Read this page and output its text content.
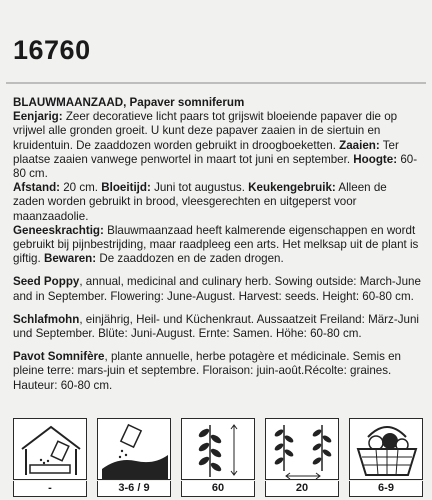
16760

BLAUWMAANZAAD, Papaver somniferum
Eenjarig: Zeer decoratieve licht paars tot grijswit bloeiende papaver die op vrijwel alle gronden groeit. U kunt deze papaver zaaien in de siertuin en kruidentuin. De zaaddozen worden gebruikt in droogboeketten. Zaaien: Ter plaatse zaaien vanwege penwortel in maart tot juni en september. Hoogte: 60-80 cm.
Afstand: 20 cm. Bloeitijd: Juni tot augustus. Keukengebruik: Alleen de zaden worden gebruikt in brood, vleesgerechten en uitgeperst voor maanzaadolie.
Geneeskrachtig: Blauwmaanzaad heeft kalmerende eigenschappen en wordt gebruikt bij pijnbestrijding, maar raadpleeg een arts. Het melksap uit de plant is giftig. Bewaren: De zaaddozen en de zaden drogen.

Seed Poppy, annual, medicinal and culinary herb. Sowing outside: March-June and in September. Flowering: June-August. Harvest: seeds. Height: 60-80 cm.

Schlafmohn, einjährig, Heil- und Küchenkraut. Aussaatzeit Freiland: März-Juni und September. Blüte: Juni-August. Ernte: Samen. Höhe: 60-80 cm.

Pavot Somnifère, plante annuelle, herbe potagère et médicinale. Semis en pleine terre: mars-juin et septembre. Floraison: juin-août.Récolte: graines. Hauteur: 60-80 cm.

-	3-6 / 9	60	20	6-9
